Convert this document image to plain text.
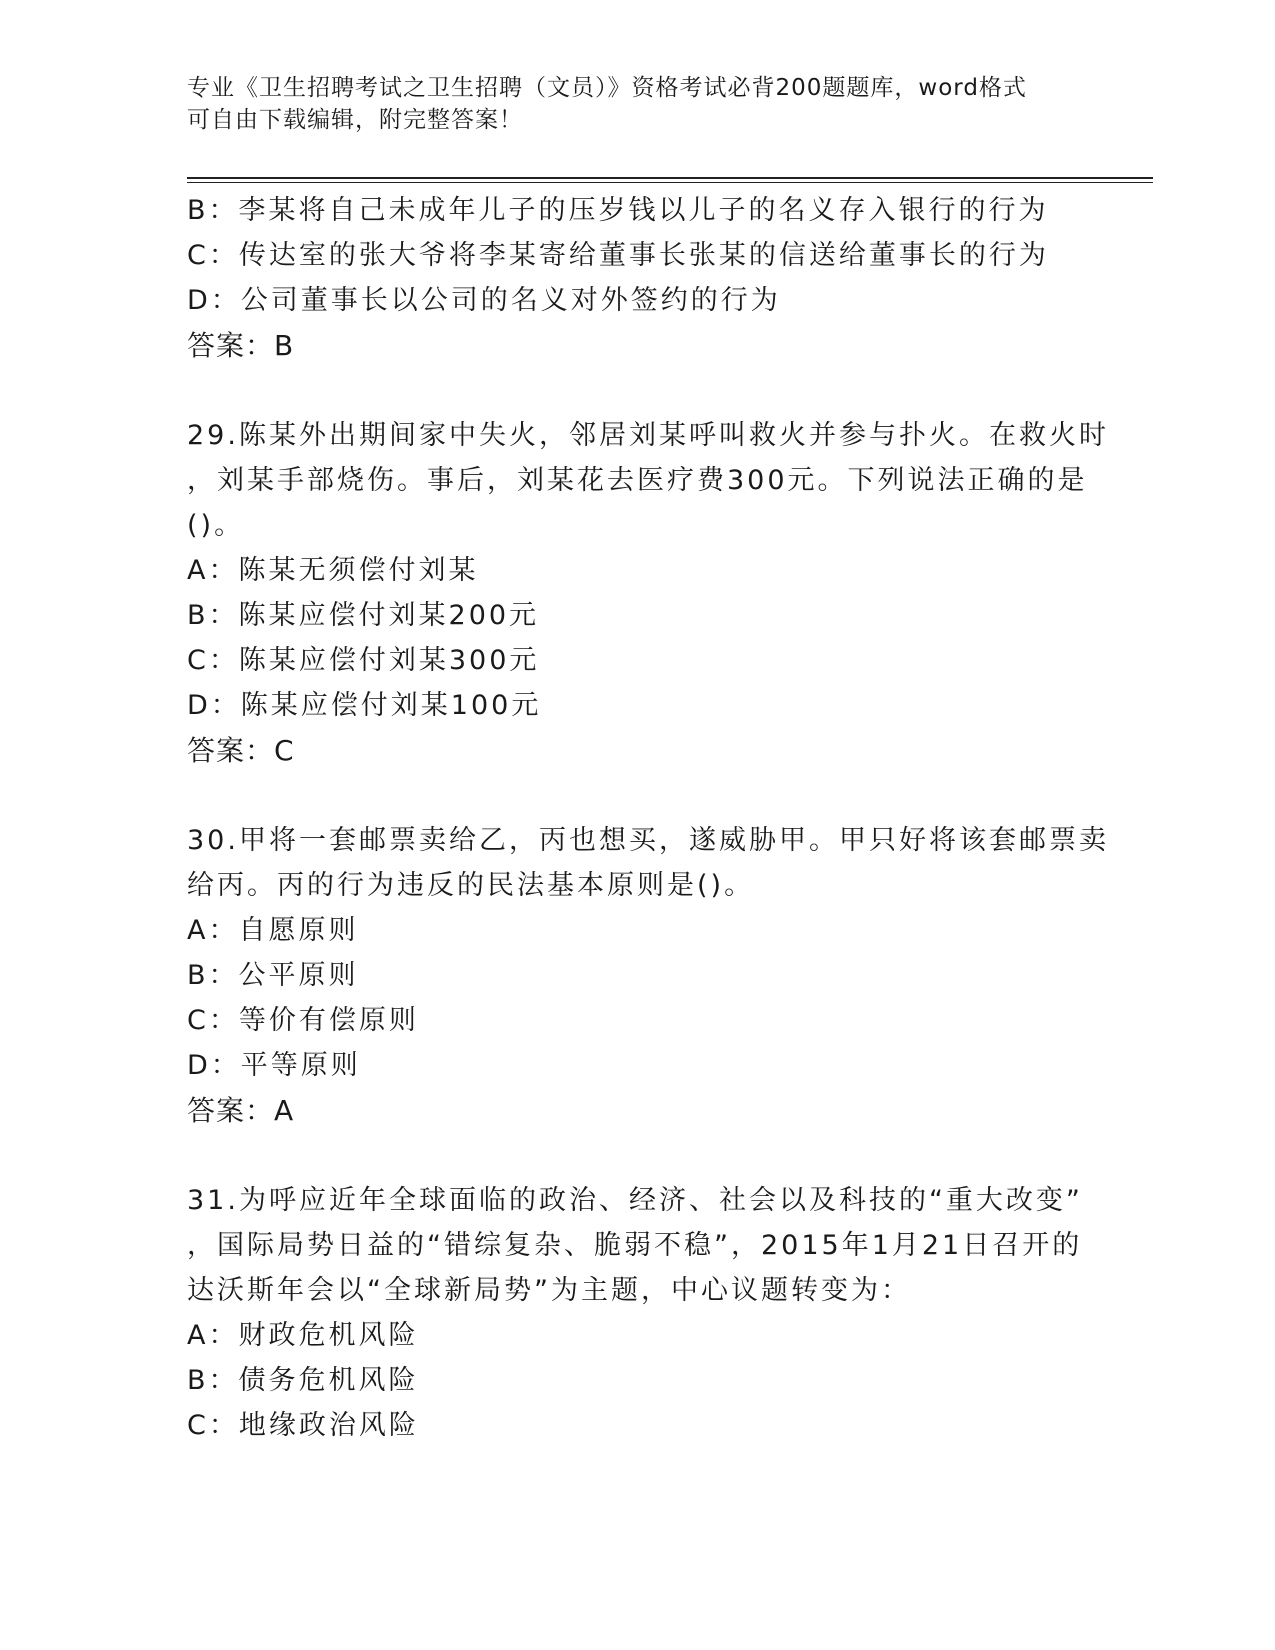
专业《卫生招聘考试之卫生招聘（文员）》资格考试必背200题题库，word格式
可自由下载编辑，附完整答案！
B：李某将自己未成年儿子的压岁钱以儿子的名义存入银行的行为
C：传达室的张大爷将李某寄给董事长张某的信送给董事长的行为
D：公司董事长以公司的名义对外签约的行为
答案：B
29.陈某外出期间家中失火，邻居刘某呼叫救火并参与扑火。在救火时
，刘某手部烧伤。事后，刘某花去医疗费300元。下列说法正确的是
()。
A：陈某无须偿付刘某
B：陈某应偿付刘某200元
C：陈某应偿付刘某300元
D：陈某应偿付刘某100元
答案：C
30.甲将一套邮票卖给乙，丙也想买，遂威胁甲。甲只好将该套邮票卖
给丙。丙的行为违反的民法基本原则是()。
A：自愿原则
B：公平原则
C：等价有偿原则
D：平等原则
答案：A
31.为呼应近年全球面临的政治、经济、社会以及科技的“重大改变”
，国际局势日益的“错综复杂、脆弱不稳”，2015年1月21日召开的
达沃斯年会以“全球新局势”为主题，中心议题转变为：
A：财政危机风险
B：债务危机风险
C：地缘政治风险
